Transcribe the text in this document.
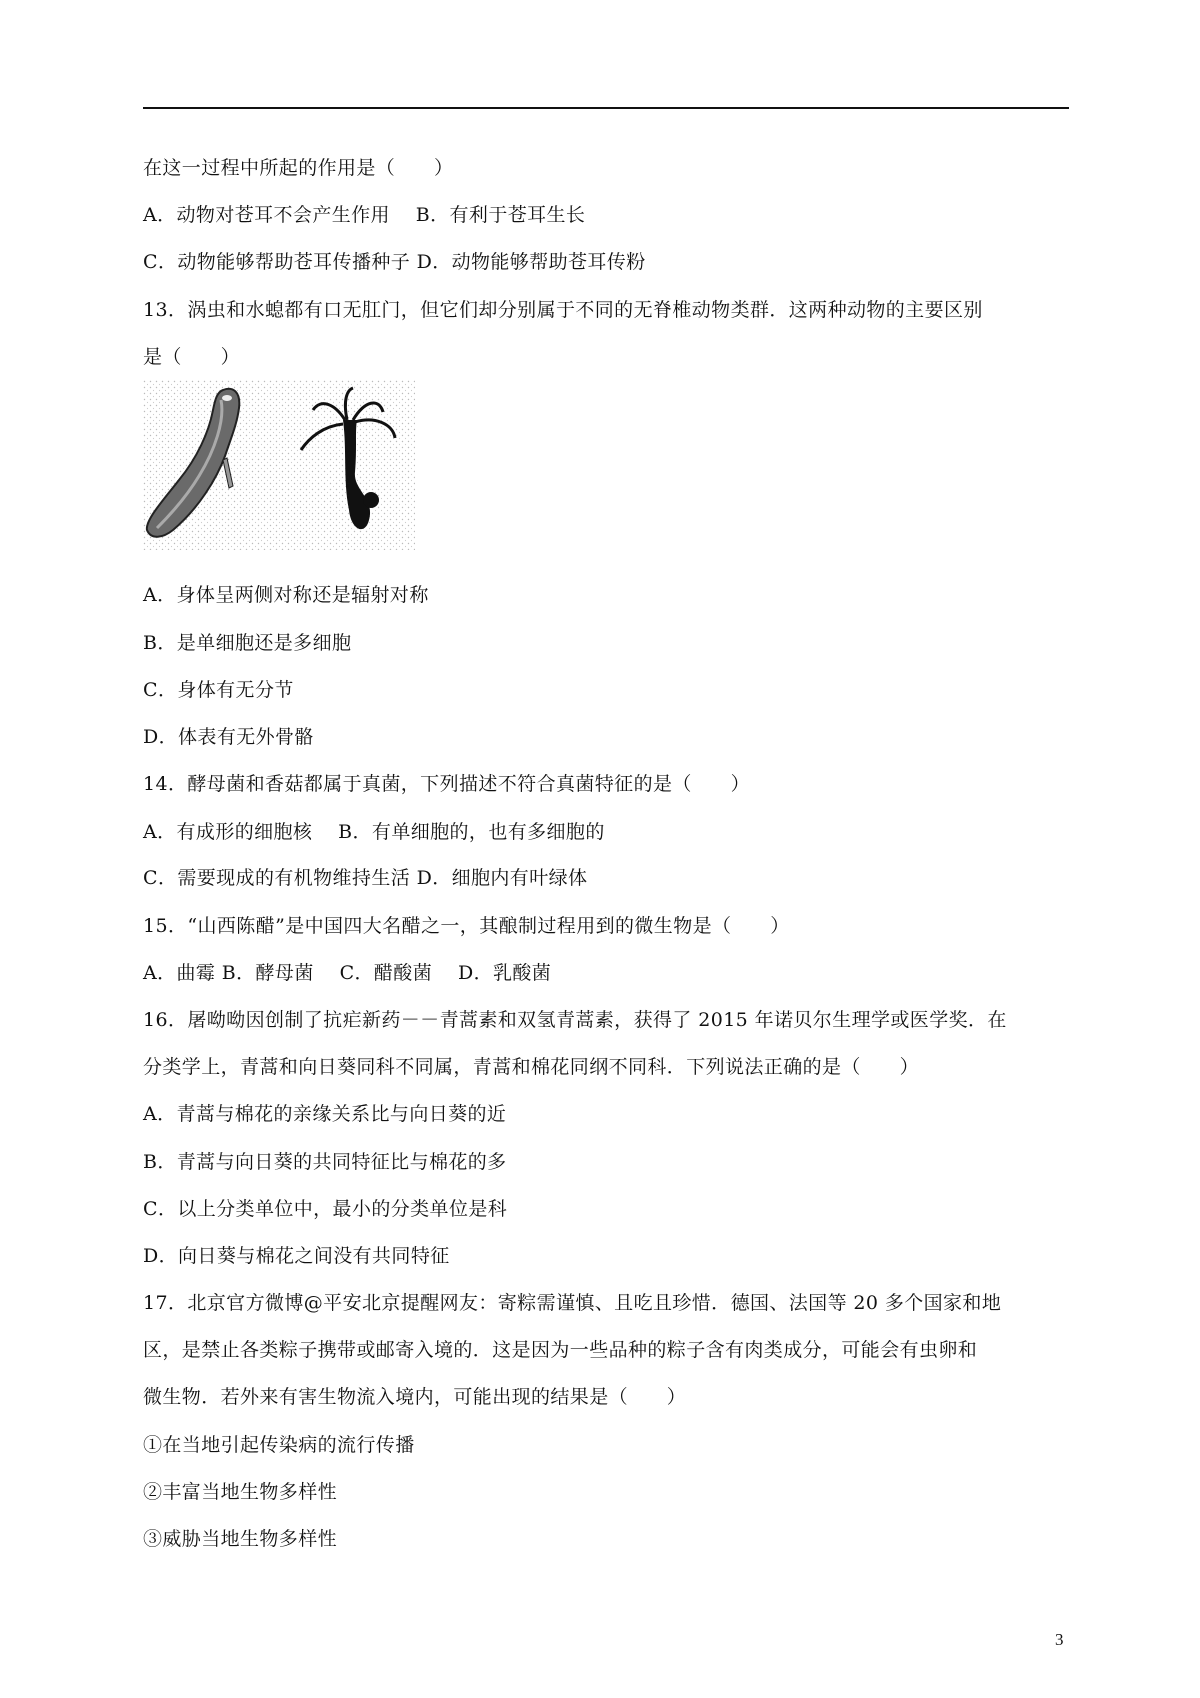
在这一过程中所起的作用是（　　）
A．动物对苍耳不会产生作用　 B．有利于苍耳生长
C．动物能够帮助苍耳传播种子 D．动物能够帮助苍耳传粉
13．涡虫和水螅都有口无肛门，但它们却分别属于不同的无脊椎动物类群．这两种动物的主要区别
是（　　）
A．身体呈两侧对称还是辐射对称
B．是单细胞还是多细胞
C．身体有无分节
D．体表有无外骨骼
14．酵母菌和香菇都属于真菌，下列描述不符合真菌特征的是（　　）
A．有成形的细胞核　 B．有单细胞的，也有多细胞的
C．需要现成的有机物维持生活 D．细胞内有叶绿体
15．“山西陈醋”是中国四大名醋之一，其酿制过程用到的微生物是（　　）
A．曲霉 B．酵母菌　 C．醋酸菌　 D．乳酸菌
16．屠呦呦因创制了抗疟新药－－青蒿素和双氢青蒿素，获得了 2015 年诺贝尔生理学或医学奖．在
分类学上，青蒿和向日葵同科不同属，青蒿和棉花同纲不同科．下列说法正确的是（　　）
A．青蒿与棉花的亲缘关系比与向日葵的近
B．青蒿与向日葵的共同特征比与棉花的多
C．以上分类单位中，最小的分类单位是科
D．向日葵与棉花之间没有共同特征
17．北京官方微博@平安北京提醒网友：寄粽需谨慎、且吃且珍惜．德国、法国等 20 多个国家和地
区，是禁止各类粽子携带或邮寄入境的．这是因为一些品种的粽子含有肉类成分，可能会有虫卵和
微生物．若外来有害生物流入境内，可能出现的结果是（　　）
①在当地引起传染病的流行传播
②丰富当地生物多样性
③威胁当地生物多样性
3
